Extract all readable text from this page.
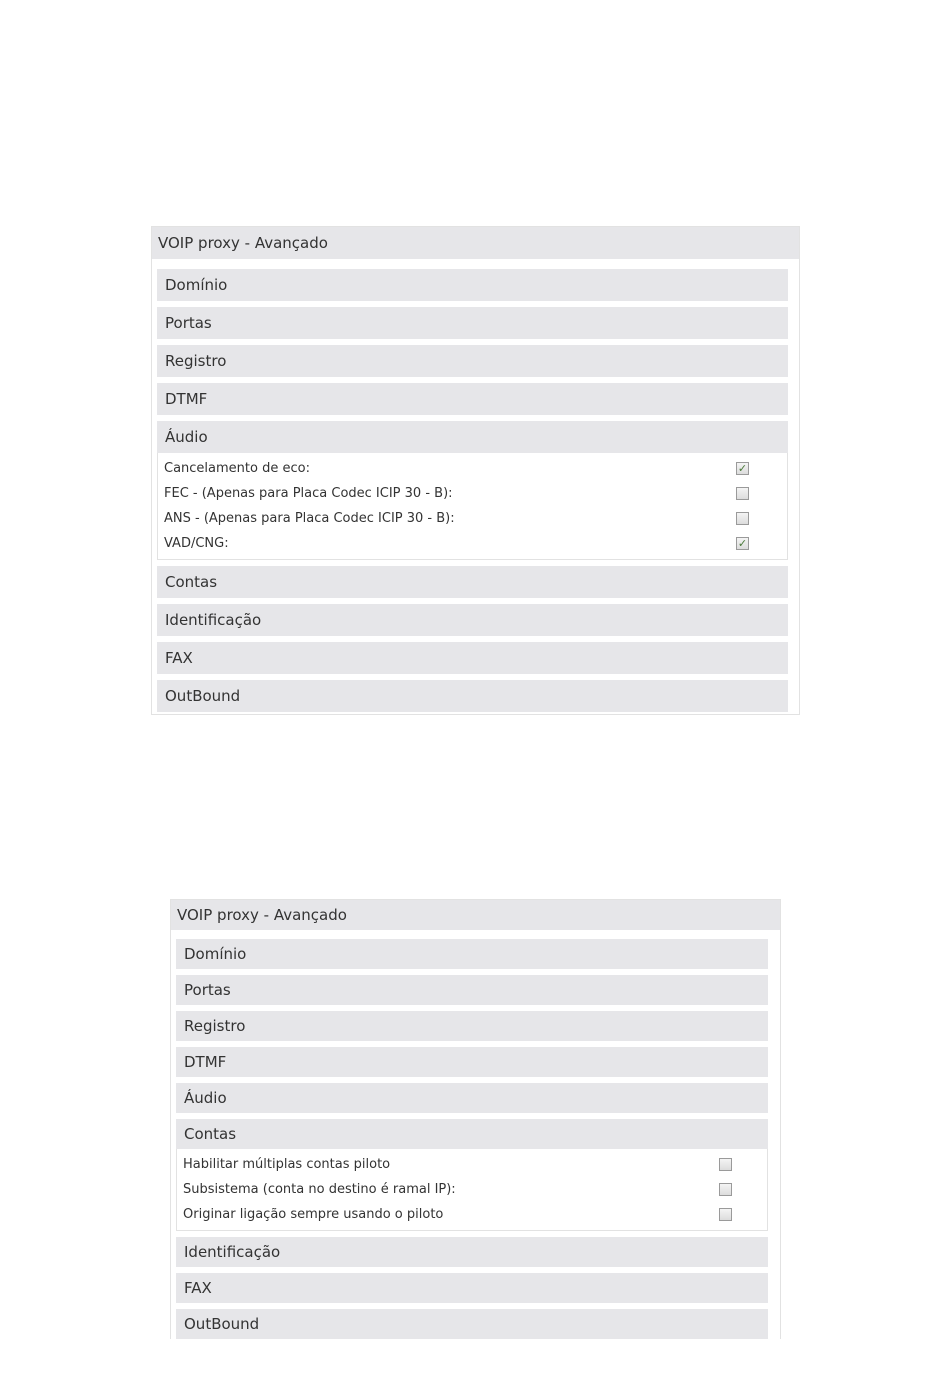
VOIP proxy - Avançado
Domínio
Portas
Registro
DTMF
Áudio
Cancelamento de eco:	✓
FEC - (Apenas para Placa Codec ICIP 30 - B):
ANS - (Apenas para Placa Codec ICIP 30 - B):
VAD/CNG:	✓
Contas
Identificação
FAX
OutBound
VOIP proxy - Avançado
Domínio
Portas
Registro
DTMF
Áudio
Contas
Habilitar múltiplas contas piloto
Subsistema (conta no destino é ramal IP):
Originar ligação sempre usando o piloto
Identificação
FAX
OutBound
